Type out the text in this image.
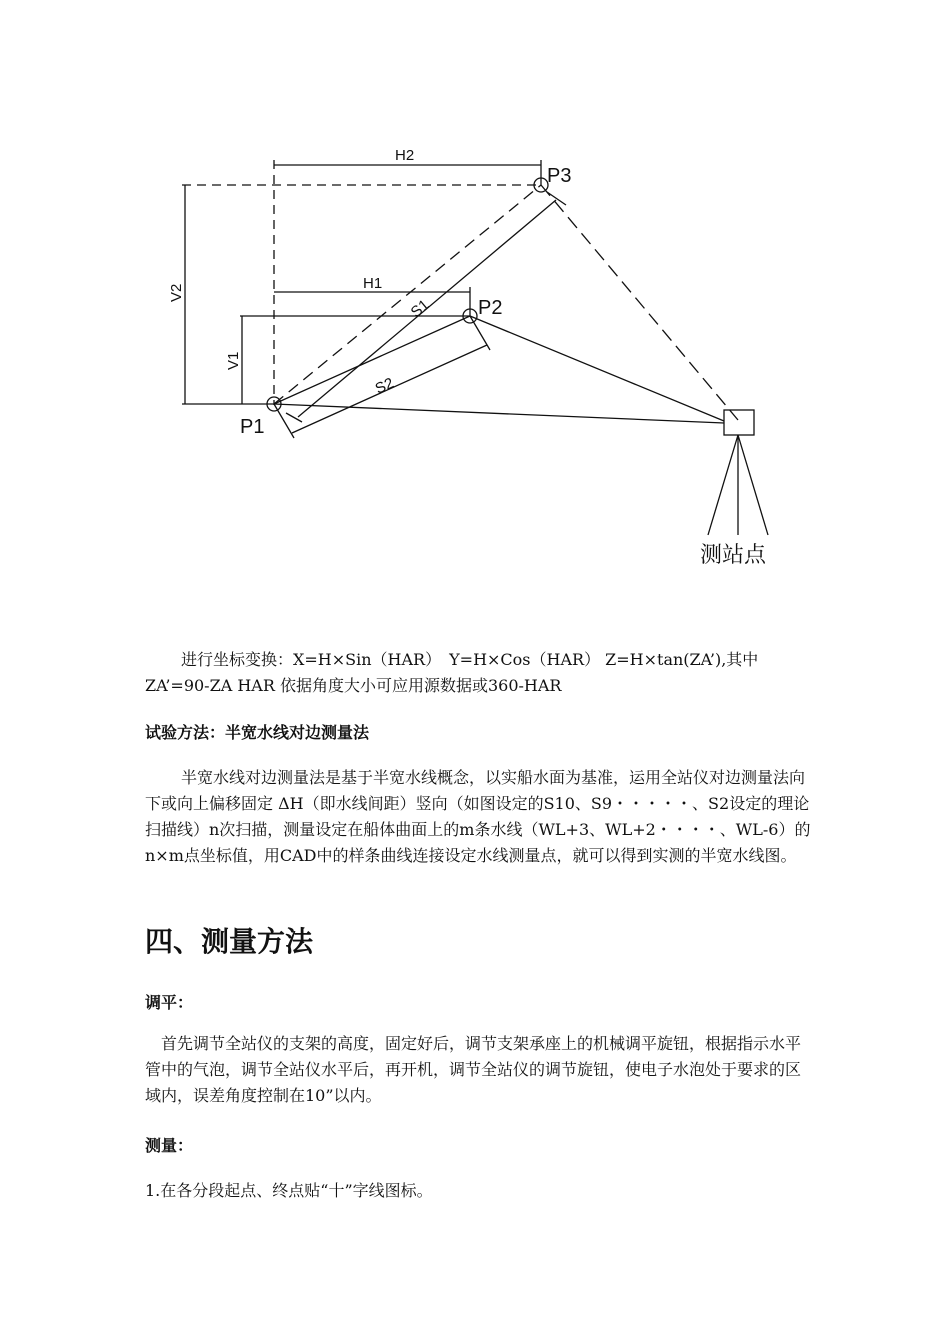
H2
H1
V2
V1
S1
S2
P1
P2
P3
测站点
进行坐标变换：X=H×Sin（HAR）　Y=H×Cos（HAR） Z=H×tan(ZA’),其中ZA’=90-ZA HAR 依据角度大小可应用源数据或360-HAR
试验方法：半宽水线对边测量法
半宽水线对边测量法是基于半宽水线概念，以实船水面为基准，运用全站仪对边测量法向下或向上偏移固定 ΔH（即水线间距）竖向（如图设定的S10、S9・・・・・、S2设定的理论扫描线）n次扫描，测量设定在船体曲面上的m条水线（WL+3、WL+2・・・・、WL-6）的n×m点坐标值，用CAD中的样条曲线连接设定水线测量点，就可以得到实测的半宽水线图。
四、测量方法
调平：
首先调节全站仪的支架的高度，固定好后，调节支架承座上的机械调平旋钮，根据指示水平管中的气泡，调节全站仪水平后，再开机，调节全站仪的调节旋钮，使电子水泡处于要求的区域内，误差角度控制在10”以内。
测量：
1.在各分段起点、终点贴“十”字线图标。
